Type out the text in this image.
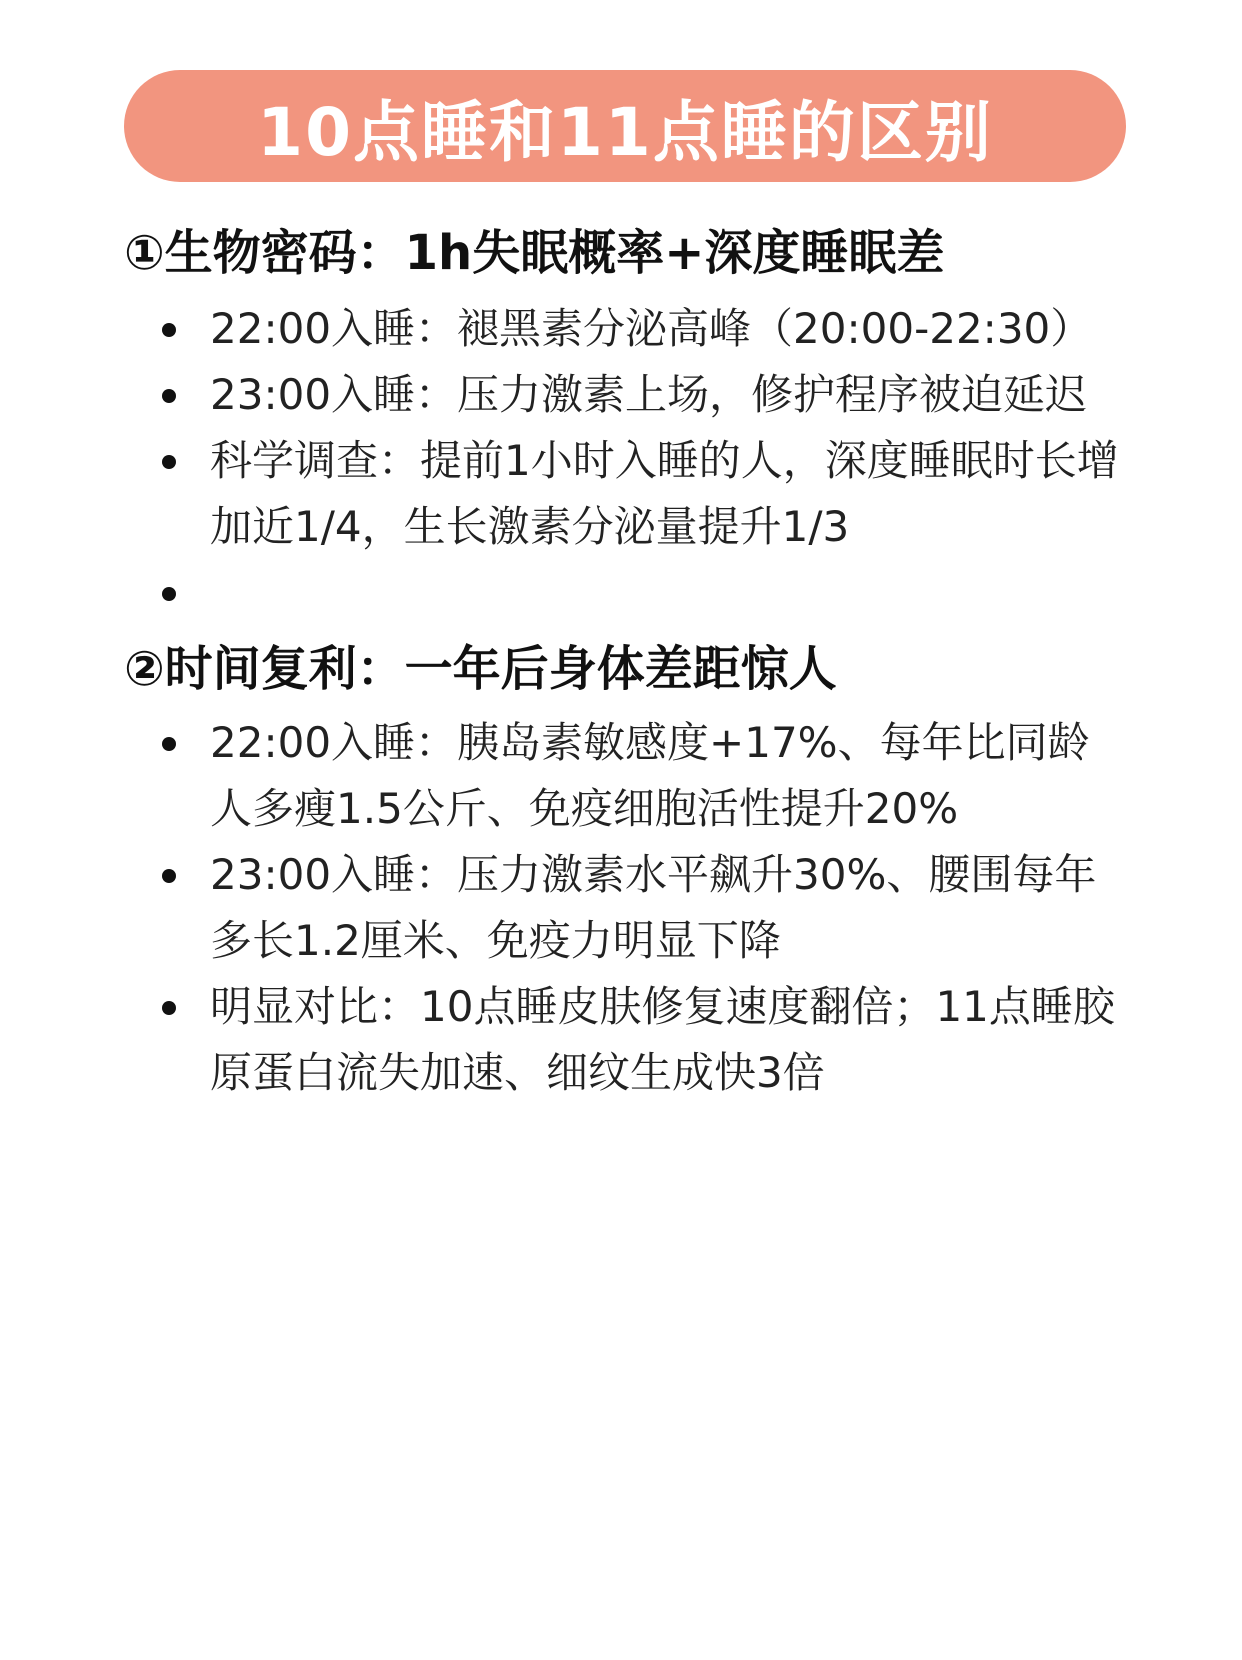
10点睡和11点睡的区别
①生物密码：1h失眠概率+深度睡眠差
22:00入睡：褪黑素分泌高峰（20:00-22:30）
23:00入睡：压力激素上场，修护程序被迫延迟
科学调查：提前1小时入睡的人，深度睡眠时长增加近1/4，生长激素分泌量提升1/3
②时间复利：一年后身体差距惊人
22:00入睡：胰岛素敏感度+17%、每年比同龄人多瘦1.5公斤、免疫细胞活性提升20%
23:00入睡：压力激素水平飙升30%、腰围每年多长1.2厘米、免疫力明显下降
明显对比：10点睡皮肤修复速度翻倍；11点睡胶原蛋白流失加速、细纹生成快3倍
